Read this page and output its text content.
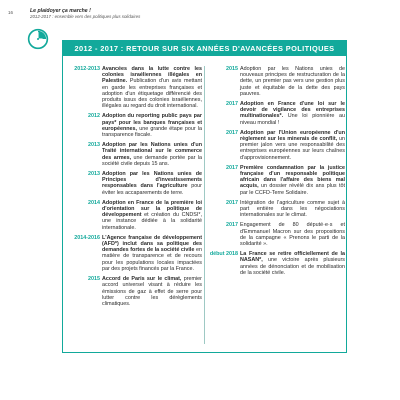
16	Le plaidoyer ça marche !
2012-2017 : ensemble vers des politiques plus solidaires
2012 - 2017 : RETOUR SUR SIX ANNÉES D'AVANCÉES POLITIQUES
2012-2013 Avancées dans la lutte contre les colonies israéliennes illégales en Palestine. Publication d'un avis mettant en garde les entreprises françaises et adoption d'un étiquetage différencié des produits issus des colonies israéliennes, illégales au regard du droit international.
2012 Adoption du reporting public pays par pays* pour les banques françaises et européennes, une grande étape pour la transparence fiscale.
2013 Adoption par les Nations unies d'un Traité international sur le commerce des armes, une demande portée par la société civile depuis 15 ans.
2013 Adoption par les Nations unies de Principes d'investissements responsables dans l'agriculture pour éviter les accaparements de terre.
2014 Adoption en France de la première loi d'orientation sur la politique de développement et création du CNDSI*, une instance dédiée à la solidarité internationale.
2014-2016 L'Agence française de développement (AFD*) inclut dans sa politique des demandes fortes de la société civile en matière de transparence et de recours pour les populations locales impactées par des projets financés par la France.
2015 Accord de Paris sur le climat, premier accord universel visant à réduire les émissions de gaz à effet de serre pour lutter contre les dérèglements climatiques.
2015 Adoption par les Nations unies de nouveaux principes de restructuration de la dette, un premier pas vers une gestion plus juste et équitable de la dette des pays pauvres.
2017 Adoption en France d'une loi sur le devoir de vigilance des entreprises multinationales*. Une loi pionnière au niveau mondial !
2017 Adoption par l'Union européenne d'un règlement sur les minerais de conflit, un premier jalon vers une responsabilité des entreprises européennes sur leurs chaînes d'approvisionnement.
2017 Première condamnation par la justice française d'un responsable politique africain dans l'affaire des biens mal acquis, un dossier révélé dix ans plus tôt par le CCFD-Terre Solidaire.
2017 Intégration de l'agriculture comme sujet à part entière dans les négociations internationales sur le climat.
2017 Engagement de 80 député·e·s et d'Emmanuel Macron sur des propositions de la campagne « Prenons le parti de la solidarité ».
début 2018 La France se retire officiellement de la NASAN*, une victoire après plusieurs années de dénonciation et de mobilisation de la société civile.
